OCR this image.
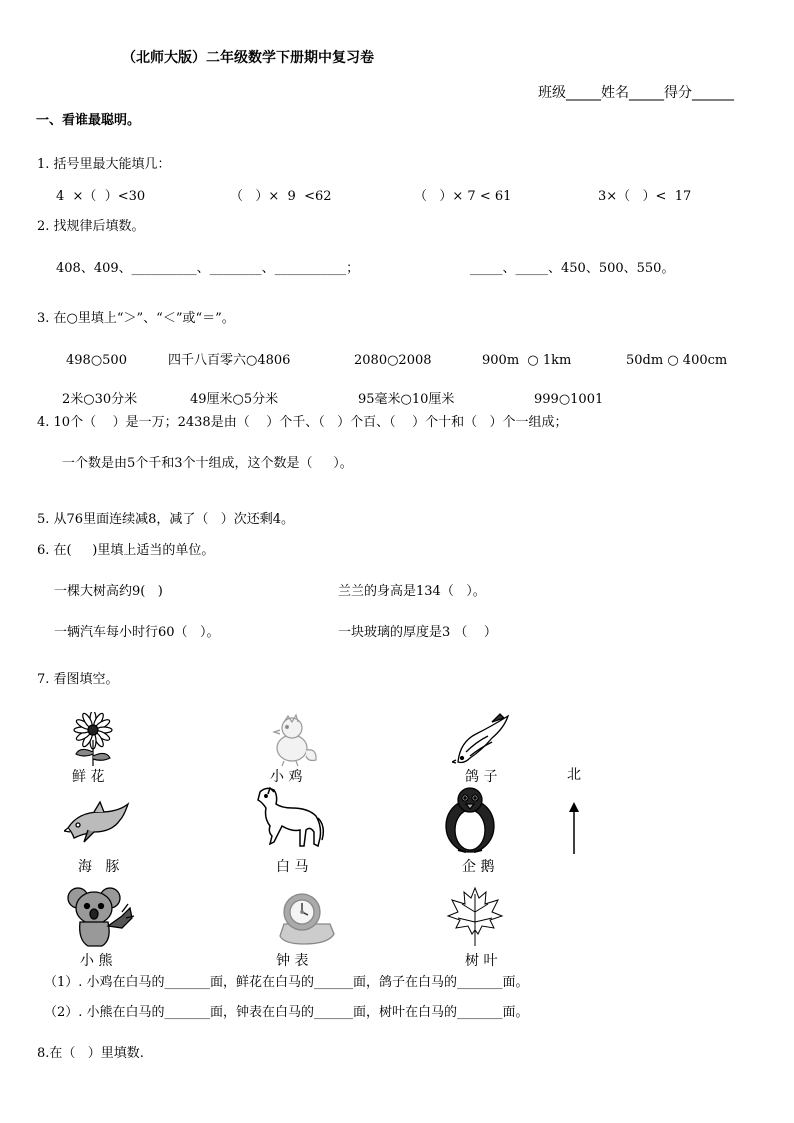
（北师大版）二年级数学下册期中复习卷
班级_____姓名_____得分______
一、看谁最聪明。
1. 括号里最大能填几：
4  ×（  ）<30	（   ）×  9  <62	（   ）× 7 < 61	3×（   ）<  17
2. 找规律后填数。
408、409、__________、________、___________；	_____、_____、450、500、550。
3. 在○里填上“＞”、“＜”或“＝”。
498○500	四千八百零六○4806	2080○2008	900m  ○ 1km	50dm ○ 400cm
2米○30分米	49厘米○5分米	95毫米○10厘米	999○1001
4. 10个（    ）是一万；2438是由（    ）个千、（   ）个百、（    ）个十和（   ）个一组成；
一个数是由5个千和3个十组成，这个数是（     ）。
5. 从76里面连续减8，减了（   ）次还剩4。
6. 在(     )里填上适当的单位。
一棵大树高约9(   )	兰兰的身高是134（   ）。
一辆汽车每小时行60（   ）。	一块玻璃的厚度是3 （    ）
7. 看图填空。
鲜 花	小 鸡	鸽 子	北
海   豚	白 马	企 鹅
小 熊	钟 表	树 叶
（1）. 小鸡在白马的_______面，鲜花在白马的______面，鸽子在白马的_______面。
（2）. 小熊在白马的_______面，钟表在白马的______面，树叶在白马的_______面。
8.在（   ）里填数.
